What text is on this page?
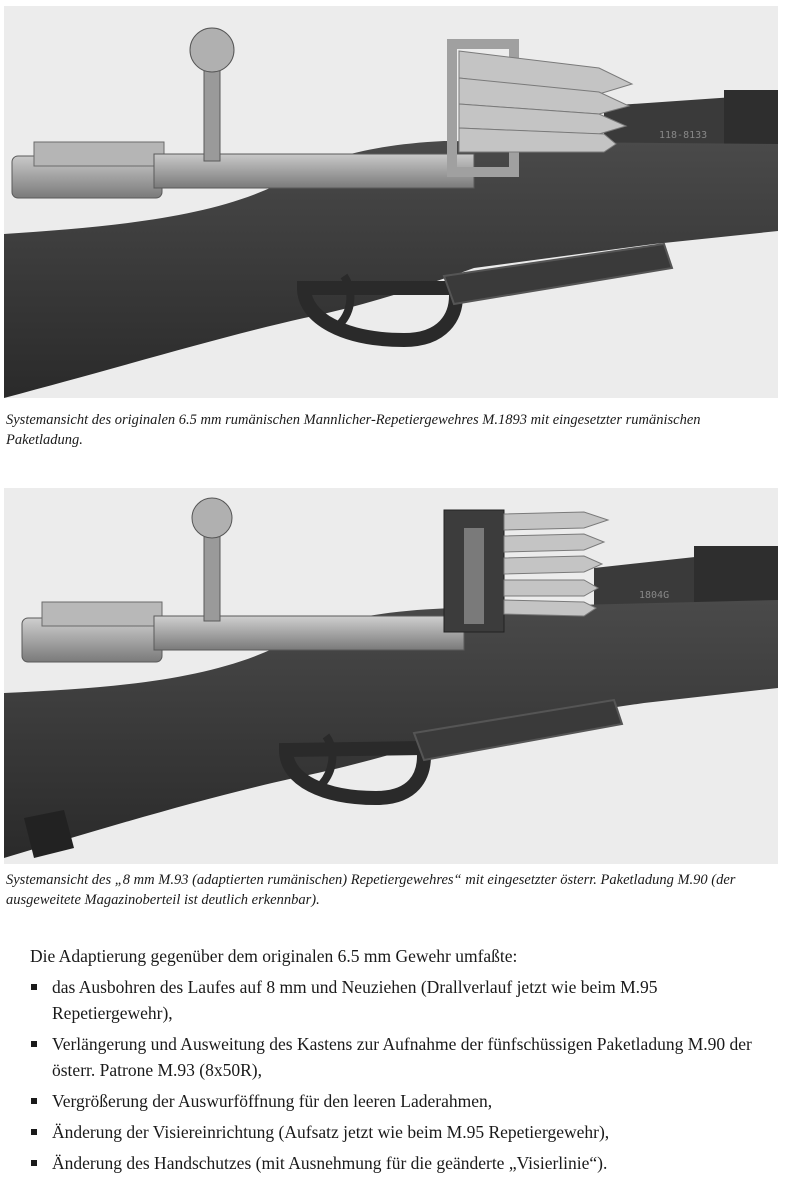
118-8133

Systemansicht des originalen 6.5 mm rumänischen Mannlicher-Repetiergewehres M.1893 mit eingesetzter rumänischen Paketladung.

1804G

Systemansicht des „8 mm M.93 (adaptierten rumänischen) Repetiergewehres“ mit eingesetzter österr. Paketladung M.90 (der ausgeweitete Magazinoberteil ist deutlich erkennbar).

Die Adaptierung gegenüber dem originalen 6.5 mm Gewehr umfaßte:

das Ausbohren des Laufes auf 8 mm und Neuziehen (Drallverlauf jetzt wie beim M.95 Repetiergewehr),
Verlängerung und Ausweitung des Kastens zur Aufnahme der fünfschüssigen Paketladung M.90 der österr. Patrone M.93 (8x50R),
Vergrößerung der Auswurföffnung für den leeren Laderahmen,
Änderung der Visiereinrichtung (Aufsatz jetzt wie beim M.95 Repetiergewehr),
Änderung des Handschutzes (mit Ausnehmung für die geänderte „Visierlinie“).
